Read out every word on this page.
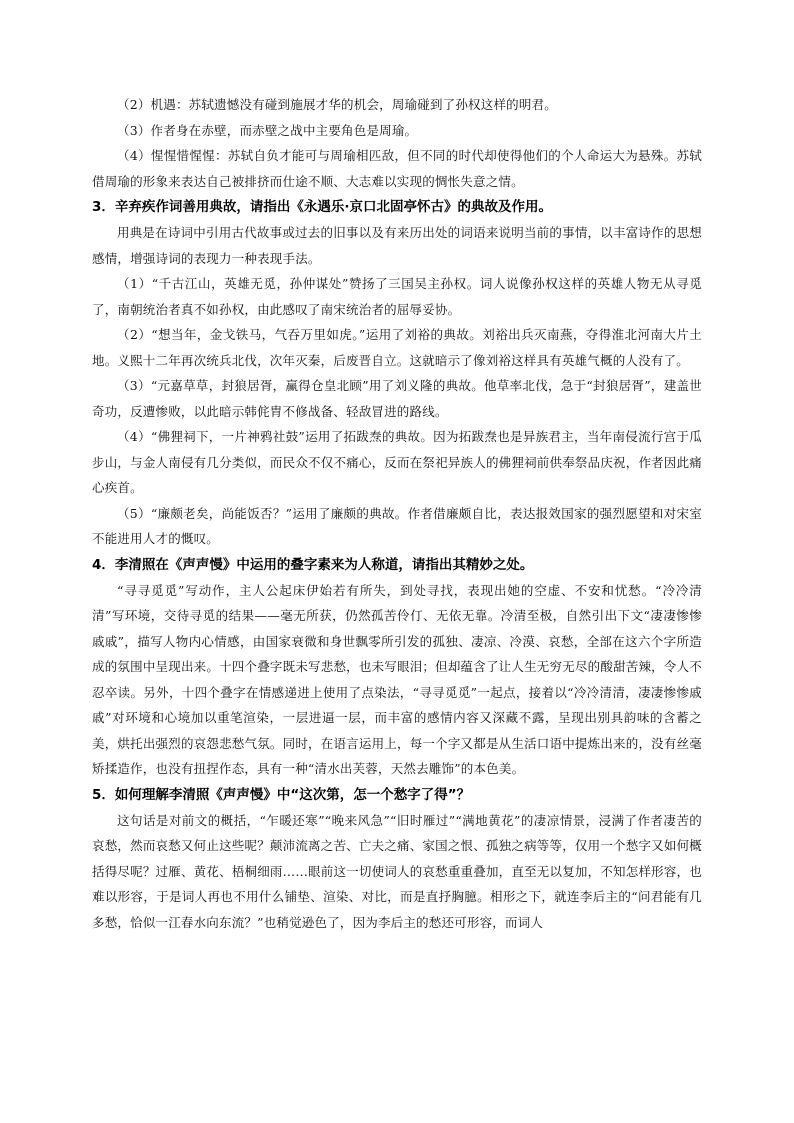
（2）机遇：苏轼遗憾没有碰到施展才华的机会，周瑜碰到了孙权这样的明君。

（3）作者身在赤壁，而赤壁之战中主要角色是周瑜。

（4）惺惺惜惺惺：苏轼自负才能可与周瑜相匹敌，但不同的时代却使得他们的个人命运大为悬殊。苏轼借周瑜的形象来表达自己被排挤而仕途不顺、大志难以实现的惆怅失意之情。

3．辛弃疾作词善用典故，请指出《永遇乐·京口北固亭怀古》的典故及作用。

用典是在诗词中引用古代故事或过去的旧事以及有来历出处的词语来说明当前的事情，以丰富诗作的思想感情，增强诗词的表现力一种表现手法。

（1）“千古江山，英雄无觅，孙仲谋处”赞扬了三国吴主孙权。词人说像孙权这样的英雄人物无从寻觅了，南朝统治者真不如孙权，由此感叹了南宋统治者的屈辱妥协。

（2）“想当年，金戈铁马，气吞万里如虎。”运用了刘裕的典故。刘裕出兵灭南燕，夺得淮北河南大片土地。义熙十二年再次统兵北伐，次年灭秦，后废晋自立。这就暗示了像刘裕这样具有英雄气概的人没有了。

（3）“元嘉草草，封狼居胥，赢得仓皇北顾”用了刘义隆的典故。他草率北伐，急于“封狼居胥”，建盖世奇功，反遭惨败，以此暗示韩侂胄不修战备、轻敌冒进的路线。

（4）“佛狸祠下，一片神鸦社鼓”运用了拓跋焘的典故。因为拓跋焘也是异族君主，当年南侵流行宫于瓜步山，与金人南侵有几分类似，而民众不仅不痛心，反而在祭祀异族人的佛狸祠前供奉祭品庆祝，作者因此痛心疾首。

（5）“廉颇老矣，尚能饭否？”运用了廉颇的典故。作者借廉颇自比，表达报效国家的强烈愿望和对宋室不能进用人才的慨叹。

4．李清照在《声声慢》中运用的叠字素来为人称道，请指出其精妙之处。

“寻寻觅觅”写动作，主人公起床伊始若有所失，到处寻找，表现出她的空虚、不安和忧愁。“冷冷清清”写环境，交待寻觅的结果——毫无所获，仍然孤苦伶仃、无依无靠。冷清至极，自然引出下文“凄凄惨惨戚戚”，描写人物内心情感，由国家衰微和身世飘零所引发的孤独、凄凉、冷漠、哀愁，全部在这六个字所造成的氛围中呈现出来。十四个叠字既未写悲愁，也未写眼泪；但却蕴含了让人生无穷无尽的酸甜苦辣，令人不忍卒读。另外，十四个叠字在情感递进上使用了点染法，“寻寻觅觅”一起点，接着以“冷冷清清，凄凄惨惨戚戚”对环境和心境加以重笔渲染，一层进逼一层，而丰富的感情内容又深藏不露，呈现出别具韵味的含蓄之美，烘托出强烈的哀怨悲愁气氛。同时，在语言运用上，每一个字又都是从生活口语中提炼出来的，没有丝毫矫揉造作，也没有扭捏作态，具有一种“清水出芙蓉，天然去雕饰”的本色美。

5．如何理解李清照《声声慢》中“这次第，怎一个愁字了得”？

这句话是对前文的概括，“乍暖还寒”“晚来风急”“旧时雁过”“满地黄花”的凄凉情景，浸满了作者凄苦的哀愁，然而哀愁又何止这些呢？颠沛流离之苦、亡夫之痛、家国之恨、孤独之病等等，仅用一个愁字又如何概括得尽呢？过雁、黄花、梧桐细雨……眼前这一切使词人的哀愁重重叠加，直至无以复加，不知怎样形容，也难以形容，于是词人再也不用什么铺垫、渲染、对比，而是直抒胸臆。相形之下，就连李后主的“问君能有几多愁，恰似一江春水向东流？”也稍觉逊色了，因为李后主的愁还可形容，而词人
